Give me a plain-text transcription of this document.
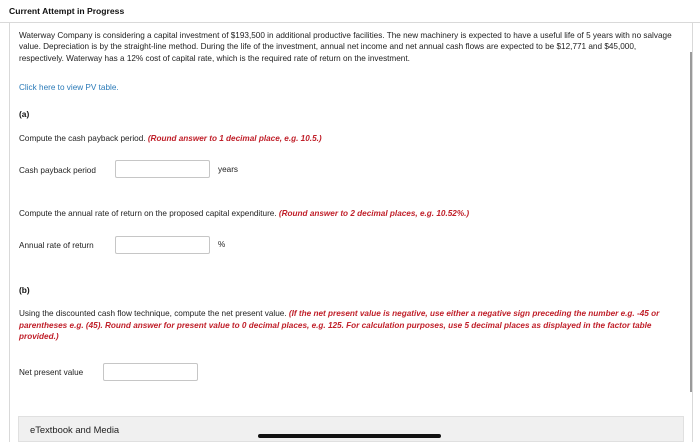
Current Attempt in Progress
Waterway Company is considering a capital investment of $193,500 in additional productive facilities. The new machinery is expected to have a useful life of 5 years with no salvage value. Depreciation is by the straight-line method. During the life of the investment, annual net income and net annual cash flows are expected to be $12,771 and $45,000, respectively. Waterway has a 12% cost of capital rate, which is the required rate of return on the investment.
Click here to view PV table.
(a)
Compute the cash payback period. (Round answer to 1 decimal place, e.g. 10.5.)
Cash payback period	years
Compute the annual rate of return on the proposed capital expenditure. (Round answer to 2 decimal places, e.g. 10.52%.)
Annual rate of return	%
(b)
Using the discounted cash flow technique, compute the net present value. (If the net present value is negative, use either a negative sign preceding the number e.g. -45 or parentheses e.g. (45). Round answer for present value to 0 decimal places, e.g. 125. For calculation purposes, use 5 decimal places as displayed in the factor table provided.)
Net present value
eTextbook and Media
